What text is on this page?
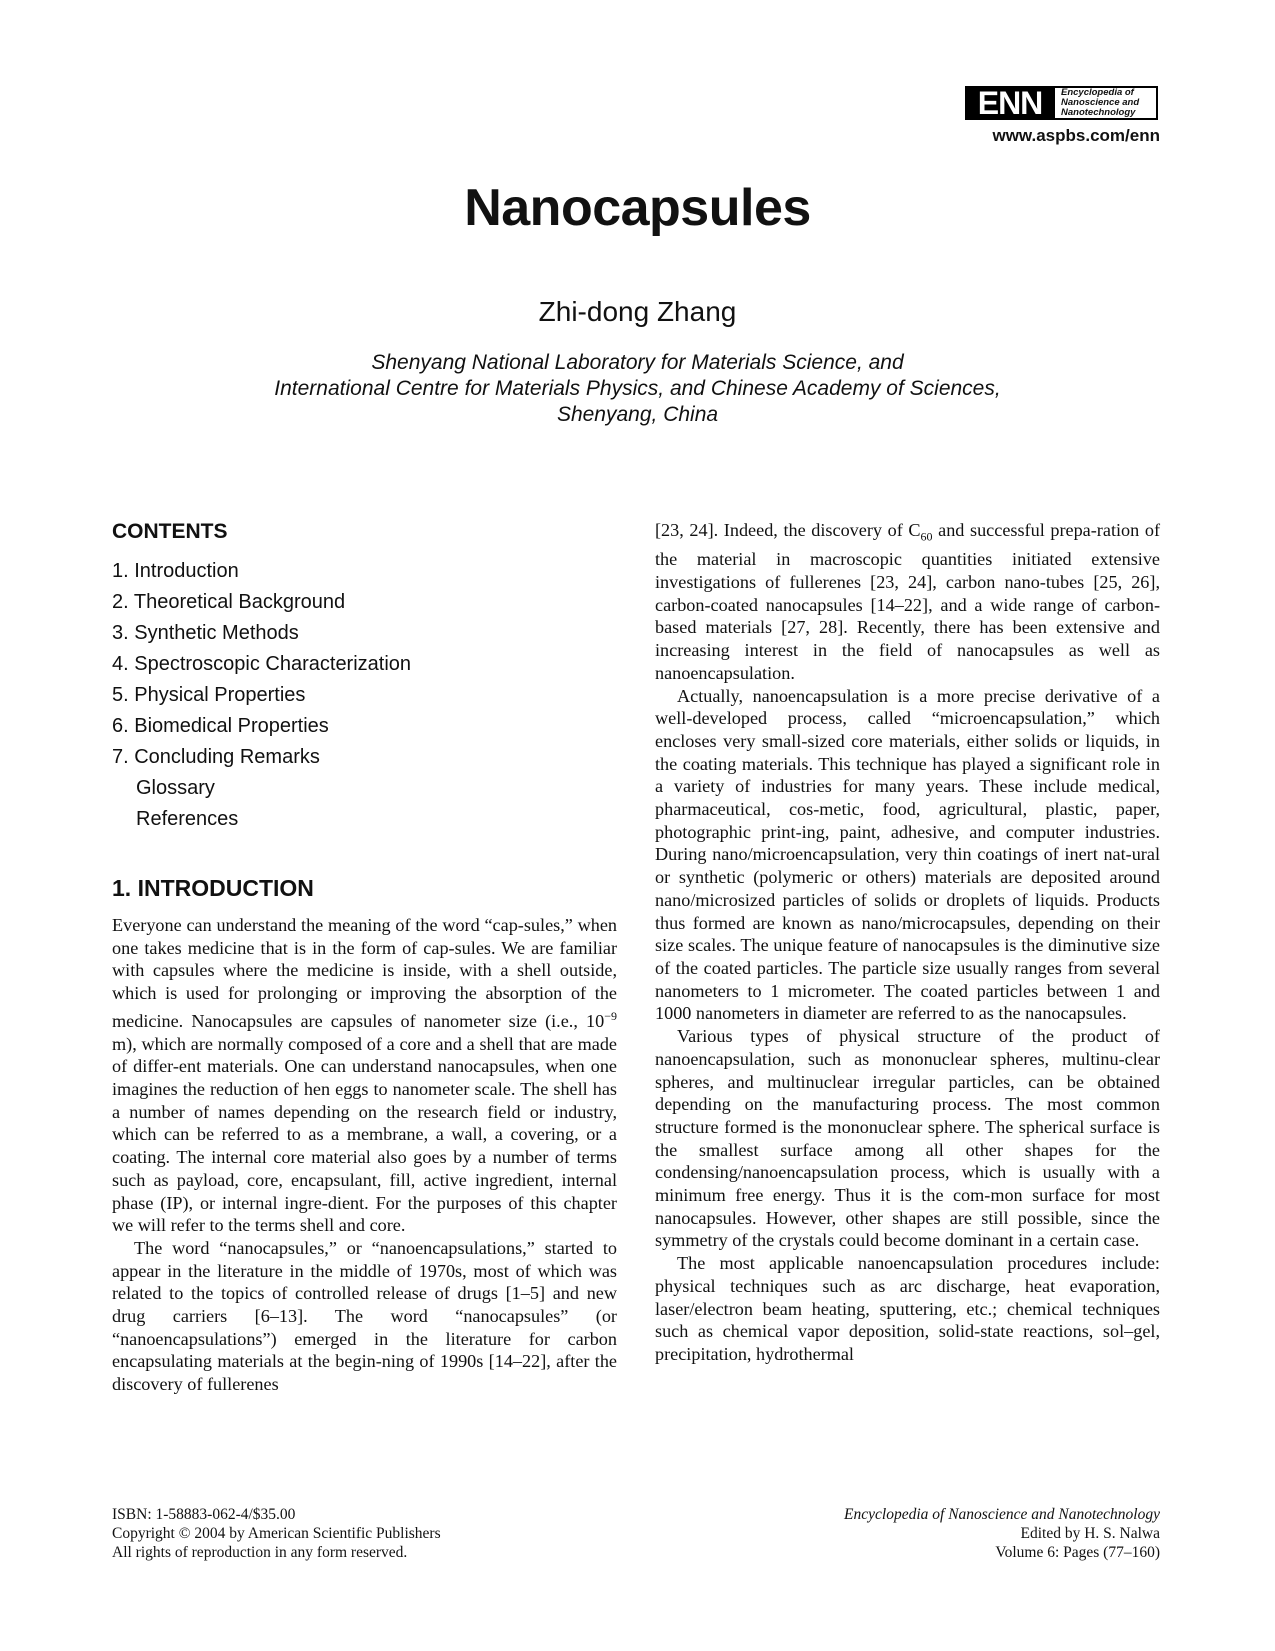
ENN	Encyclopedia of
Nanoscience and
Nanotechnology
www.aspbs.com/enn
Nanocapsules
Zhi-dong Zhang
Shenyang National Laboratory for Materials Science, and
International Centre for Materials Physics, and Chinese Academy of Sciences,
Shenyang, China
CONTENTS
1. Introduction
2. Theoretical Background
3. Synthetic Methods
4. Spectroscopic Characterization
5. Physical Properties
6. Biomedical Properties
7. Concluding Remarks
Glossary
References
1. INTRODUCTION

Everyone can understand the meaning of the word “cap-sules,” when one takes medicine that is in the form of cap-sules. We are familiar with capsules where the medicine is inside, with a shell outside, which is used for prolonging or improving the absorption of the medicine. Nanocapsules are capsules of nanometer size (i.e., $10^{-9}$ m), which are normally composed of a core and a shell that are made of differ-ent materials. One can understand nanocapsules, when one imagines the reduction of hen eggs to nanometer scale. The shell has a number of names depending on the research field or industry, which can be referred to as a membrane, a wall, a covering, or a coating. The internal core material also goes by a number of terms such as payload, core, encapsulant, fill, active ingredient, internal phase (IP), or internal ingre-dient. For the purposes of this chapter we will refer to the terms shell and core.

The word “nanocapsules,” or “nanoencapsulations,” started to appear in the literature in the middle of 1970s, most of which was related to the topics of controlled release of drugs [1–5] and new drug carriers [6–13]. The word “nanocapsules” (or “nanoencapsulations”) emerged in the literature for carbon encapsulating materials at the begin-ning of 1990s [14–22], after the discovery of fullerenes

[23, 24]. Indeed, the discovery of $C_{60}$ and successful prepa-ration of the material in macroscopic quantities initiated extensive investigations of fullerenes [23, 24], carbon nano-tubes [25, 26], carbon-coated nanocapsules [14–22], and a wide range of carbon-based materials [27, 28]. Recently, there has been extensive and increasing interest in the field of nanocapsules as well as nanoencapsulation.

Actually, nanoencapsulation is a more precise derivative of a well-developed process, called “microencapsulation,” which encloses very small-sized core materials, either solids or liquids, in the coating materials. This technique has played a significant role in a variety of industries for many years. These include medical, pharmaceutical, cos-metic, food, agricultural, plastic, paper, photographic print-ing, paint, adhesive, and computer industries. During nano/microencapsulation, very thin coatings of inert nat-ural or synthetic (polymeric or others) materials are deposited around nano/microsized particles of solids or droplets of liquids. Products thus formed are known as nano/microcapsules, depending on their size scales. The unique feature of nanocapsules is the diminutive size of the coated particles. The particle size usually ranges from several nanometers to 1 micrometer. The coated particles between 1 and 1000 nanometers in diameter are referred to as the nanocapsules.

Various types of physical structure of the product of nanoencapsulation, such as mononuclear spheres, multinu-clear spheres, and multinuclear irregular particles, can be obtained depending on the manufacturing process. The most common structure formed is the mononuclear sphere. The spherical surface is the smallest surface among all other shapes for the condensing/nanoencapsulation process, which is usually with a minimum free energy. Thus it is the com-mon surface for most nanocapsules. However, other shapes are still possible, since the symmetry of the crystals could become dominant in a certain case.

The most applicable nanoencapsulation procedures include: physical techniques such as arc discharge, heat evaporation, laser/electron beam heating, sputtering, etc.; chemical techniques such as chemical vapor deposition, solid-state reactions, sol–gel, precipitation, hydrothermal

ISBN: 1-58883-062-4/$35.00
Copyright © 2004 by American Scientific Publishers
All rights of reproduction in any form reserved.
Encyclopedia of Nanoscience and Nanotechnology
Edited by H. S. Nalwa
Volume 6: Pages (77–160)
